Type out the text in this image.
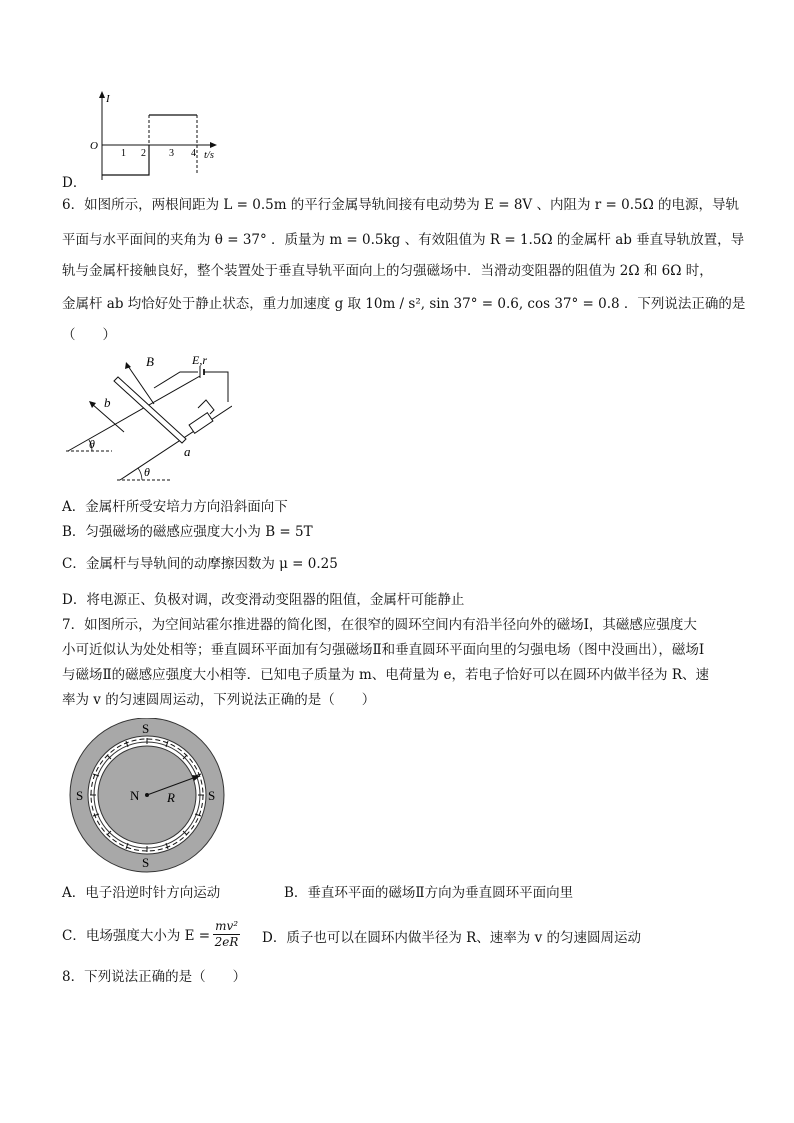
I
O
1 2 3 4 t/s
D．
6．如图所示，两根间距为 L = 0.5m 的平行金属导轨间接有电动势为 E = 8V 、内阻为 r = 0.5Ω 的电源，导轨
平面与水平面间的夹角为 θ = 37° ．质量为 m = 0.5kg 、有效阻值为 R = 1.5Ω 的金属杆 ab 垂直导轨放置，导
轨与金属杆接触良好，整个装置处于垂直导轨平面向上的匀强磁场中．当滑动变阻器的阻值为 2Ω 和 6Ω 时，
金属杆 ab 均恰好处于静止状态，重力加速度 g 取 10m / s², sin 37° = 0.6, cos 37° = 0.8 ．下列说法正确的是
（　　）
θ
θ
b
a
B	E,r
A．金属杆所受安培力方向沿斜面向下
B．匀强磁场的磁感应强度大小为 B = 5T
C．金属杆与导轨间的动摩擦因数为 μ = 0.25
D．将电源正、负极对调，改变滑动变阻器的阻值，金属杆可能静止
7．如图所示，为空间站霍尔推进器的简化图，在很窄的圆环空间内有沿半径向外的磁场Ⅰ，其磁感应强度大
小可近似认为处处相等；垂直圆环平面加有匀强磁场Ⅱ和垂直圆环平面向里的匀强电场（图中没画出），磁场Ⅰ
与磁场Ⅱ的磁感应强度大小相等．已知电子质量为 m、电荷量为 e，若电子恰好可以在圆环内做半径为 R、速
率为 v 的匀速圆周运动，下列说法正确的是（　　）
N R
S
S
S	S
A．电子沿逆时针方向运动	B．垂直环平面的磁场Ⅱ方向为垂直圆环平面向里
C．电场强度大小为 $E = \frac{\text{mv²}}{2eR}$ D．质子也可以在圆环内做半径为 R、速率为 v 的匀速圆周运动
8．下列说法正确的是（　　）
